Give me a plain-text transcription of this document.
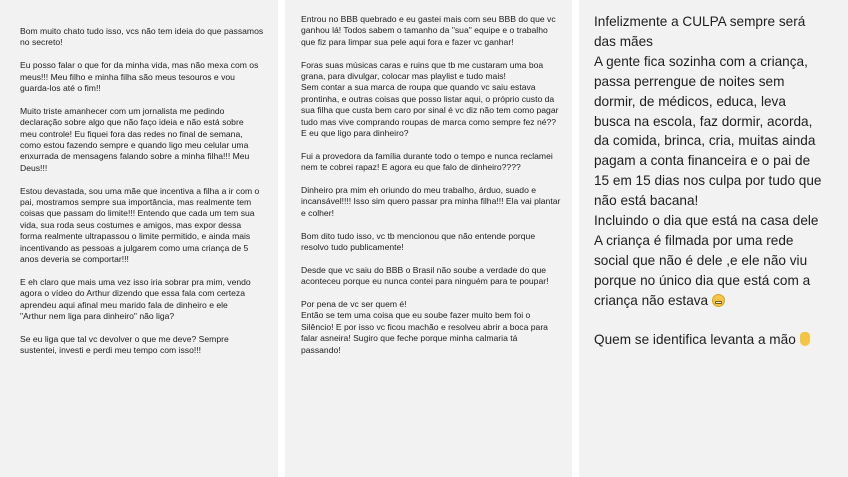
Bom muito chato tudo isso, vcs não tem ideia do que passamos
no secreto!

Eu posso falar o que for da minha vida, mas não mexa com os
meus!!! Meu filho e minha filha são meus tesouros e vou
guarda-los até o fim!!

Muito triste amanhecer com um jornalista me pedindo
declaração sobre algo que não faço ideia e não está sobre
meu controle! Eu fiquei fora das redes no final de semana,
como estou fazendo sempre e quando ligo meu celular uma
enxurrada de mensagens falando sobre a minha filha!!! Meu
Deus!!!

Estou devastada, sou uma mãe que incentiva a filha a ir com o
pai, mostramos sempre sua importância, mas realmente tem
coisas que passam do limite!!! Entendo que cada um tem sua
vida, sua roda seus costumes e amigos, mas expor dessa
forma realmente ultrapassou o limite permitido, e ainda mais
incentivando as pessoas a julgarem como uma criança de 5
anos deveria se comportar!!!

E eh claro que mais uma vez isso iria sobrar pra mim, vendo
agora o vídeo do Arthur dizendo que essa fala com certeza
aprendeu aqui afinal meu marido fala de dinheiro e ele
"Arthur nem liga para dinheiro" não liga?

Se eu liga que tal vc devolver o que me deve? Sempre
sustentei, investi e perdi meu tempo com isso!!!

Entrou no BBB quebrado e eu gastei mais com seu BBB do que vc
ganhou lá! Todos sabem o tamanho da "sua" equipe e o trabalho
que fiz para limpar sua pele aqui fora e fazer vc ganhar!

Foras suas músicas caras e ruins que tb me custaram uma boa
grana, para divulgar, colocar mas playlist e tudo mais!
Sem contar a sua marca de roupa que quando vc saiu estava
prontinha, e outras coisas que posso listar aqui, o próprio custo da
sua filha que custa bem caro por sinal é vc diz não tem como pagar
tudo mas vive comprando roupas de marca como sempre fez né??
E eu que ligo para dinheiro?

Fui a provedora da família durante todo o tempo e nunca reclamei
nem te cobrei rapaz! E agora eu que falo de dinheiro????

Dinheiro pra mim eh oriundo do meu trabalho, árduo, suado e
incansável!!!! Isso sim quero passar pra minha filha!!! Ela vai plantar
e colher!

Bom dito tudo isso, vc tb mencionou que não entende porque
resolvo tudo publicamente!

Desde que vc saiu do BBB o Brasil não soube a verdade do que
aconteceu porque eu nunca contei para ninguém para te poupar!

Por pena de vc ser quem é!
Então se tem uma coisa que eu soube fazer muito bem foi o
Silêncio! E por isso vc ficou machão e resolveu abrir a boca para
falar asneira! Sugiro que feche porque minha calmaria tá
passando!

Infelizmente a CULPA sempre será
das mães
A gente fica sozinha com a criança,
passa perrengue de noites sem
dormir, de médicos, educa, leva
busca na escola, faz dormir, acorda,
da comida, brinca, cria, muitas ainda
pagam a conta financeira e o pai de
15 em 15 dias nos culpa por tudo que
não está bacana!
Incluindo o dia que está na casa dele
A criança é filmada por uma rede
social que não é dele ,e ele não viu
porque no único dia que está com a
criança não estava

Quem se identifica levanta a mão
